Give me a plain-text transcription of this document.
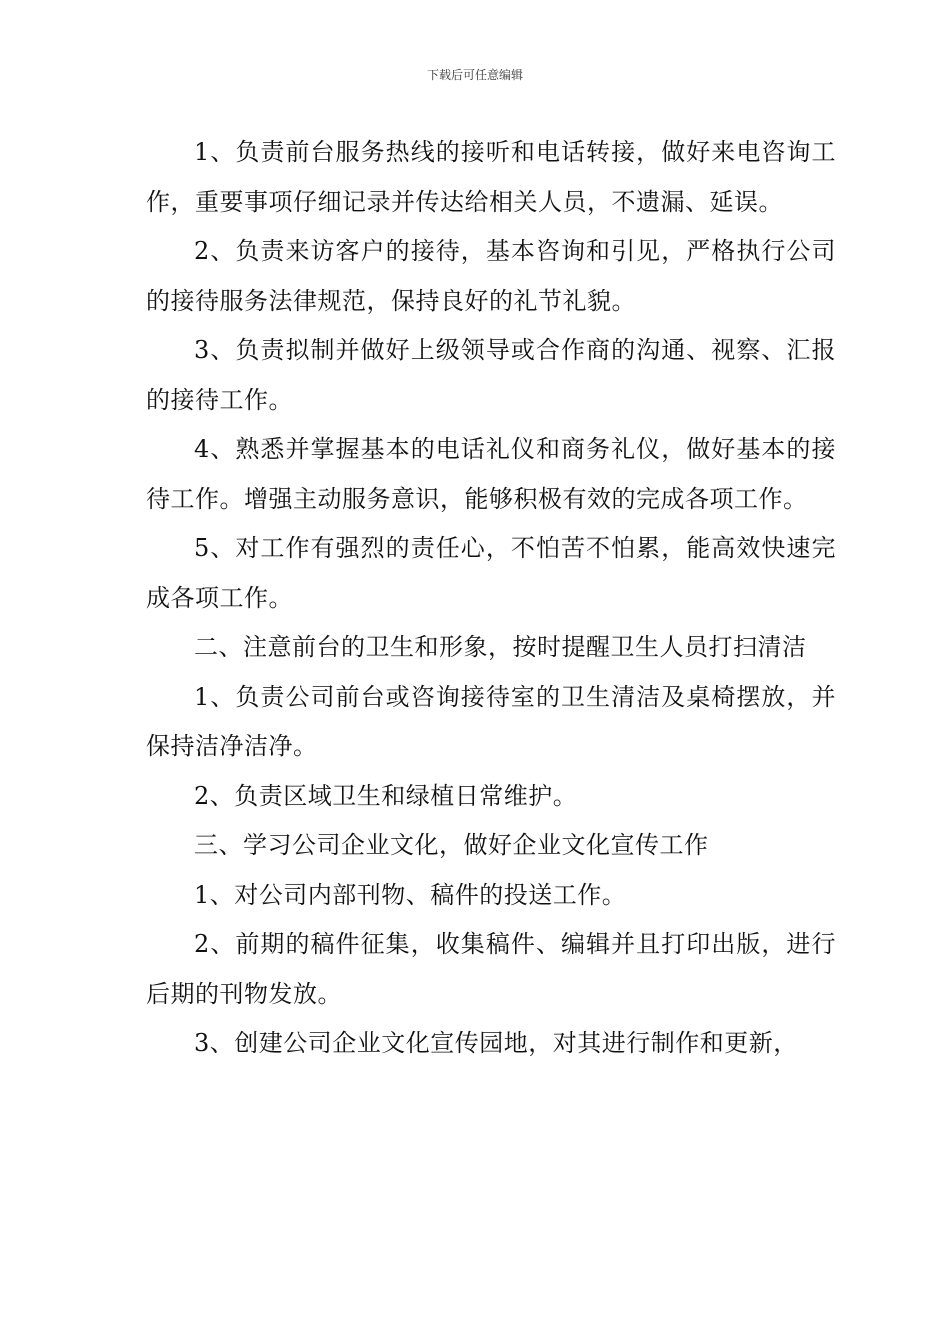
下载后可任意编辑

1、负责前台服务热线的接听和电话转接，做好来电咨询工作，重要事项仔细记录并传达给相关人员，不遗漏、延误。

2、负责来访客户的接待，基本咨询和引见，严格执行公司的接待服务法律规范，保持良好的礼节礼貌。

3、负责拟制并做好上级领导或合作商的沟通、视察、汇报的接待工作。

4、熟悉并掌握基本的电话礼仪和商务礼仪，做好基本的接待工作。增强主动服务意识，能够积极有效的完成各项工作。

5、对工作有强烈的责任心，不怕苦不怕累，能高效快速完成各项工作。

二、注意前台的卫生和形象，按时提醒卫生人员打扫清洁

1、负责公司前台或咨询接待室的卫生清洁及桌椅摆放，并保持洁净洁净。

2、负责区域卫生和绿植日常维护。

三、学习公司企业文化，做好企业文化宣传工作

1、对公司内部刊物、稿件的投送工作。

2、前期的稿件征集，收集稿件、编辑并且打印出版，进行后期的刊物发放。

3、创建公司企业文化宣传园地，对其进行制作和更新，
